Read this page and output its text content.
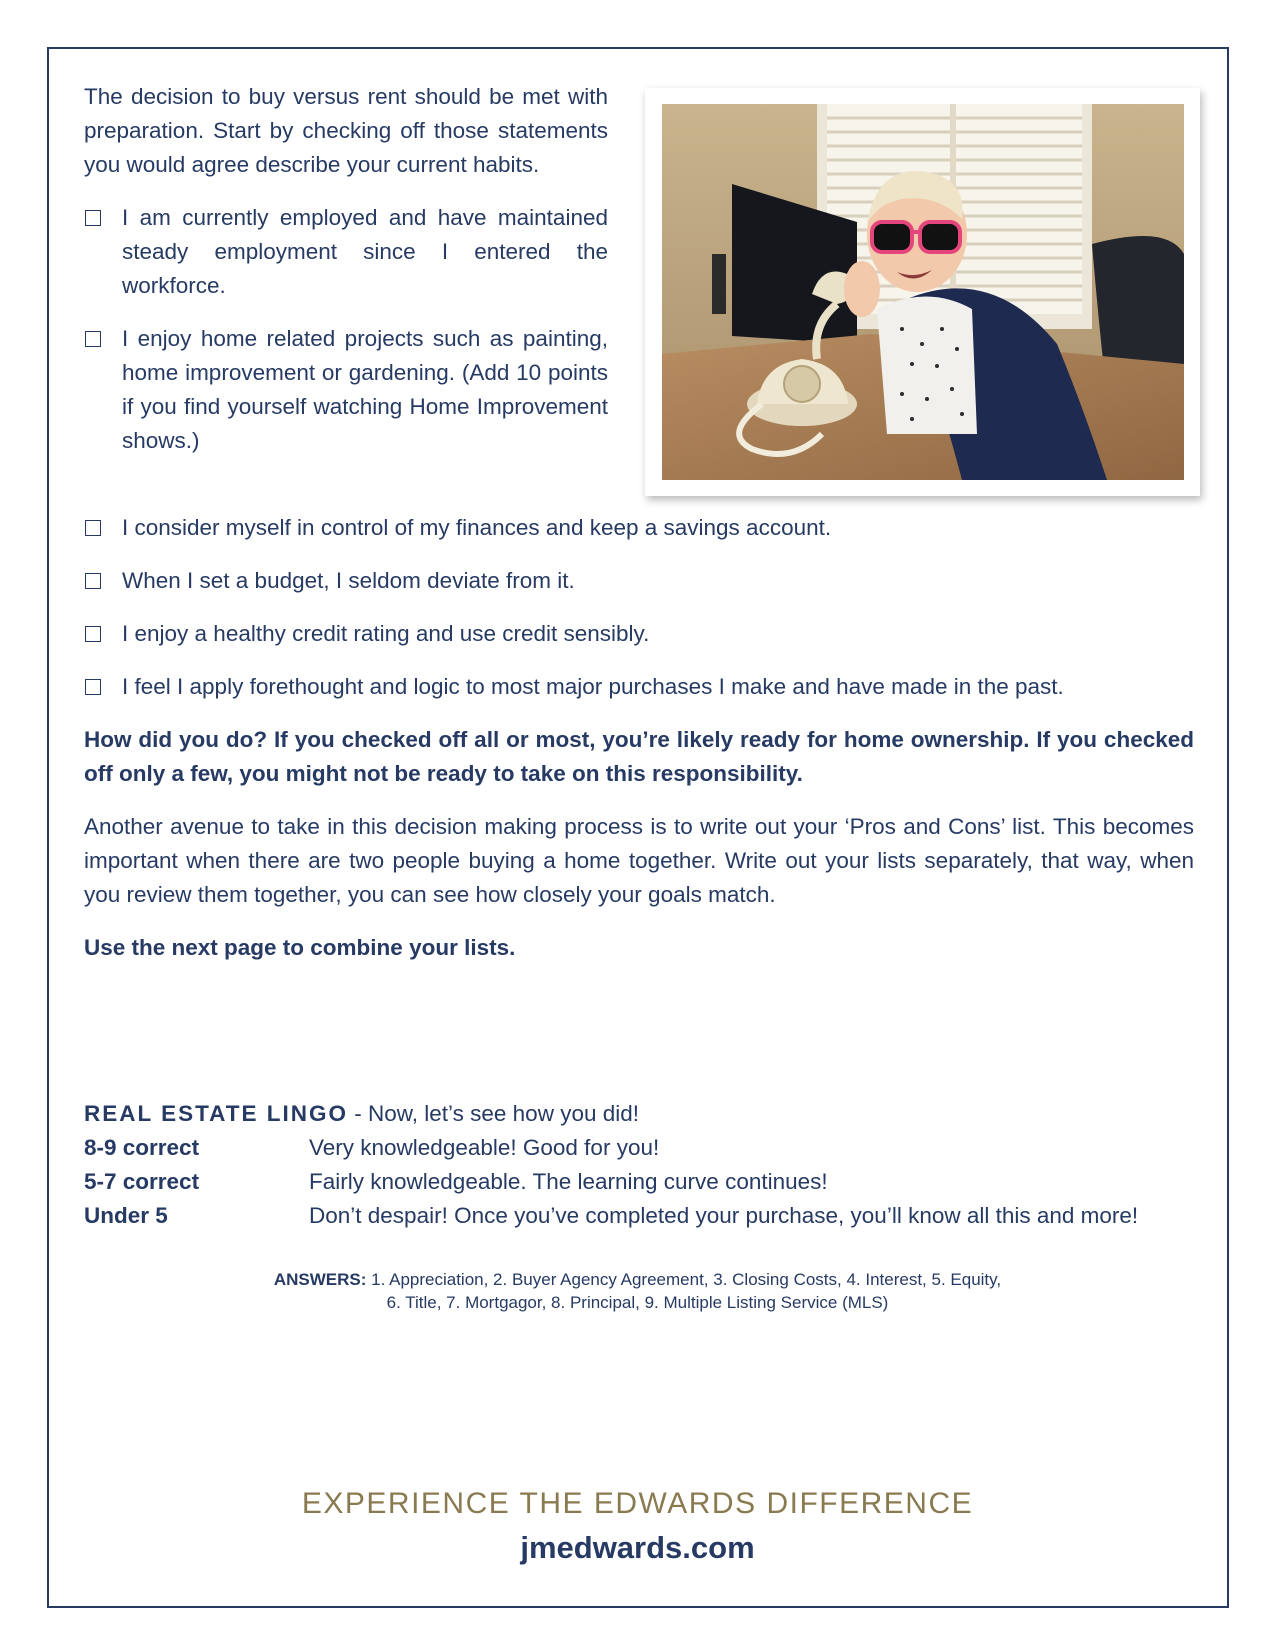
The decision to buy versus rent should be met with preparation. Start by checking off those statements you would agree describe your current habits.

I am currently employed and have maintained steady employment since I entered the workforce.
I enjoy home related projects such as painting, home improvement or gardening. (Add 10 points if you find yourself watching Home Improvement shows.)
I consider myself in control of my finances and keep a savings account.
When I set a budget, I seldom deviate from it.
I enjoy a healthy credit rating and use credit sensibly.
I feel I apply forethought and logic to most major purchases I make and have made in the past.

How did you do? If you checked off all or most, you’re likely ready for home ownership. If you checked off only a few, you might not be ready to take on this responsibility.

Another avenue to take in this decision making process is to write out your ‘Pros and Cons’ list. This becomes important when there are two people buying a home together. Write out your lists separately, that way, when you review them together, you can see how closely your goals match.

Use the next page to combine your lists.

REAL ESTATE LINGO - Now, let’s see how you did!
8-9 correct	Very knowledgeable! Good for you!
5-7 correct	Fairly knowledgeable. The learning curve continues!
Under 5	Don’t despair! Once you’ve completed your purchase, you’ll know all this and more!
ANSWERS: 1. Appreciation, 2. Buyer Agency Agreement, 3. Closing Costs, 4. Interest, 5. Equity,
6. Title, 7. Mortgagor, 8. Principal, 9. Multiple Listing Service (MLS)
EXPERIENCE THE EDWARDS DIFFERENCE
jmedwards.com
